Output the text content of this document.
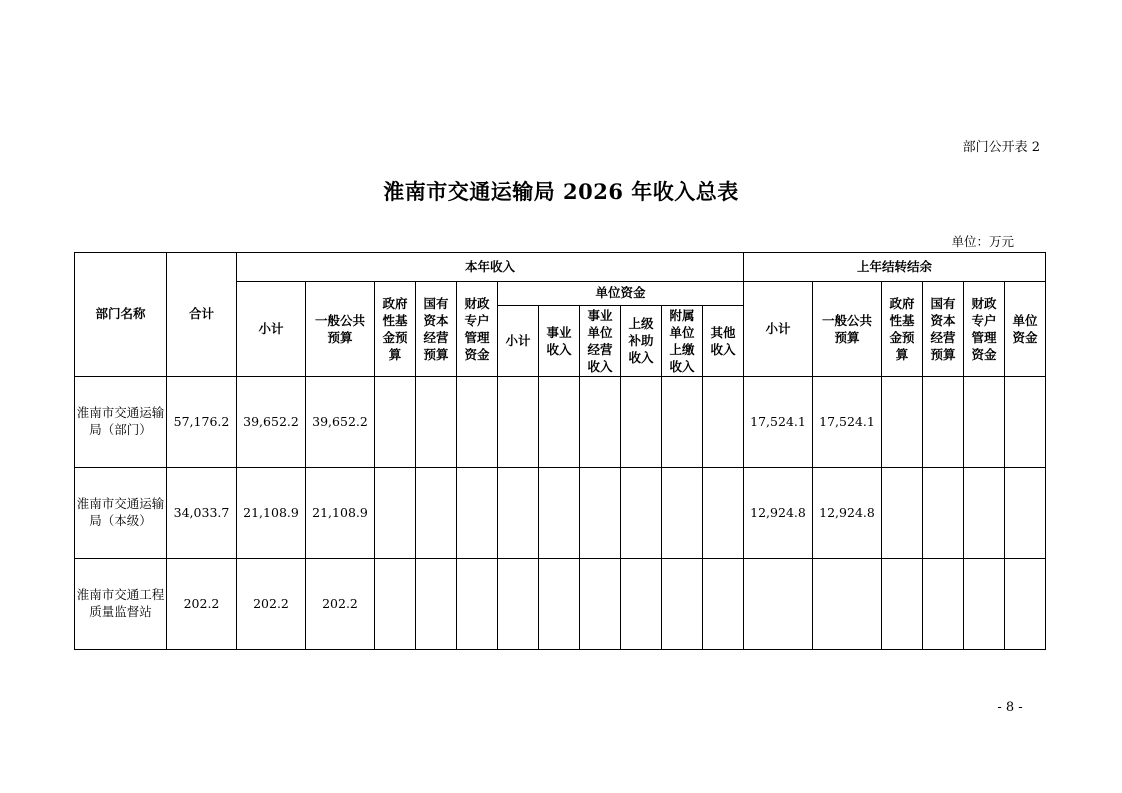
部门公开表 2
淮南市交通运输局 2026 年收入总表
单位：万元
部门名称	合计	本年收入											上年结转结余					
		小计	一般公共预算	政府性基金预算	国有资本经营预算	财政专户管理资金	单位资金						小计	一般公共预算	政府性基金预算	国有资本经营预算	财政专户管理资金	单位资金
							小计	事业收入	事业单位经营收入	上级补助收入	附属单位上缴收入	其他收入						
淮南市交通运输局（部门）	57,176.2	39,652.2	39,652.2										17,524.1	17,524.1				
淮南市交通运输局（本级）	34,033.7	21,108.9	21,108.9										12,924.8	12,924.8				
淮南市交通工程质量监督站	202.2	202.2	202.2															
- 8 -
